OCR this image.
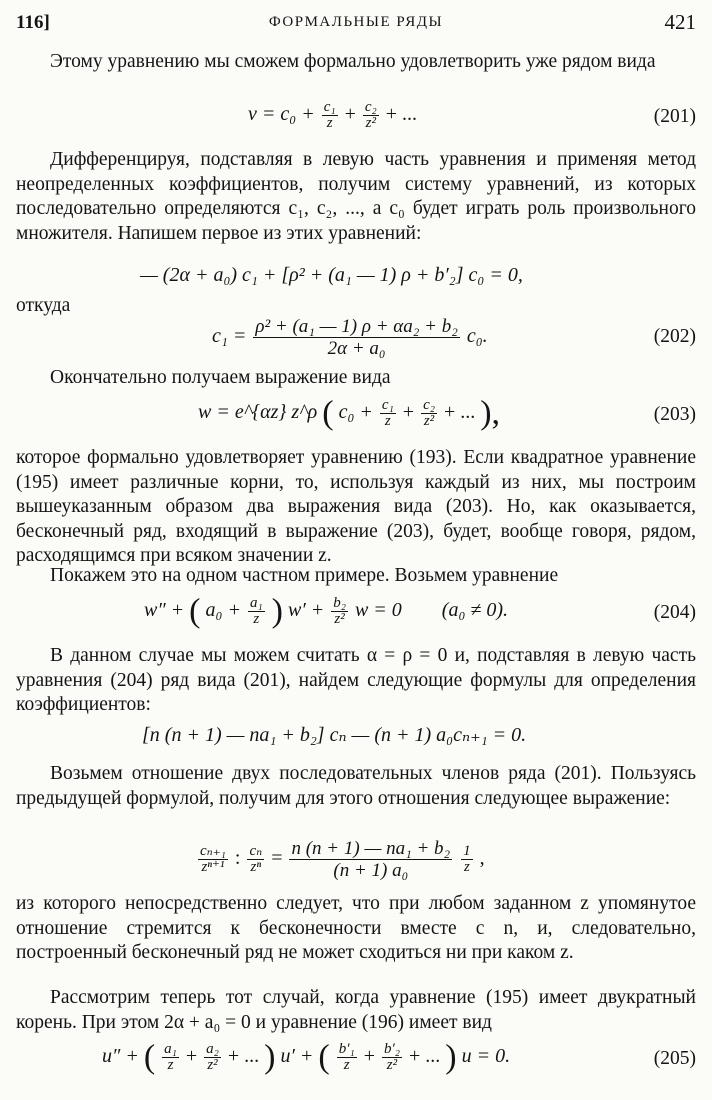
116]	ФОРМАЛЬНЫЕ РЯДЫ	421
Этому уравнению мы сможем формально удовлетворить уже рядом вида
$v = c_0 + \frac{\text{c₁}}{z} + \frac{\text{c₂}}{\text{z²}}$ + ...	(201)
Дифференцируя, подставляя в левую часть уравнения и применяя метод неопределенных коэффициентов, получим систему уравнений, из которых последовательно определяются c₁, c₂, ..., а c₀ будет играть роль произвольного множителя. Напишем первое из этих уравнений:
— (2α + a₀) c₁ + [ρ² + (a₁ — 1) ρ + b′₂] c₀ = 0,
откуда
$c_1 = \frac{\text{ρ² + (a₁ — 1) ρ + αa₂ + b₂}}{\text{2α + a₀}} c_0$.	(202)
Окончательно получаем выражение вида
w = e^{αz} z^ρ ( $c_0 + \frac{\text{c₁}}{z} + \frac{\text{c₂}}{\text{z²}}$ + ... ),	(203)
которое формально удовлетворяет уравнению (193). Если квадратное уравнение (195) имеет различные корни, то, используя каждый из них, мы построим вышеуказанным образом два выражения вида (203). Но, как оказывается, бесконечный ряд, входящий в выражение (203), будет, вообще говоря, рядом, расходящимся при всяком значении z.
Покажем это на одном частном примере. Возьмем уравнение
w″ + ( $a_0 + \frac{\text{a₁}}{z}$ ) $w' + \frac{\text{b₂}}{\text{z²}}$ w = 0 (a₀ ≠ 0).	(204)
В данном случае мы можем считать α = ρ = 0 и, подставляя в левую часть уравнения (204) ряд вида (201), найдем следующие формулы для определения коэффициентов:
[n (n + 1) — na₁ + b₂] cₙ — (n + 1) a₀cₙ₊₁ = 0.
Возьмем отношение двух последовательных членов ряда (201). Пользуясь предыдущей формулой, получим для этого отношения следующее выражение:
$\frac{\text{cₙ₊₁}}{\text{zⁿ⁺¹}}$ : $\frac{\text{cₙ}}{\text{zⁿ}} = \frac{\text{n (n + 1) — na₁ + b₂}}{\text{(n + 1) a₀}}$
$\frac{1}{z}$ ,
из которого непосредственно следует, что при любом заданном z упомянутое отношение стремится к бесконечности вместе с n, и, следовательно, построенный бесконечный ряд не может сходиться ни при каком z.
Рассмотрим теперь тот случай, когда уравнение (195) имеет двукратный корень. При этом 2α + a₀ = 0 и уравнение (196) имеет вид
u″ + ( $\frac{\text{a₁}}{z} + \frac{\text{a₂}}{\text{z²}}$ + ... ) u′ + ( $\frac{\text{b′₁}}{z} + \frac{\text{b′₂}}{\text{z²}}$ + ... ) u = 0.	(205)
